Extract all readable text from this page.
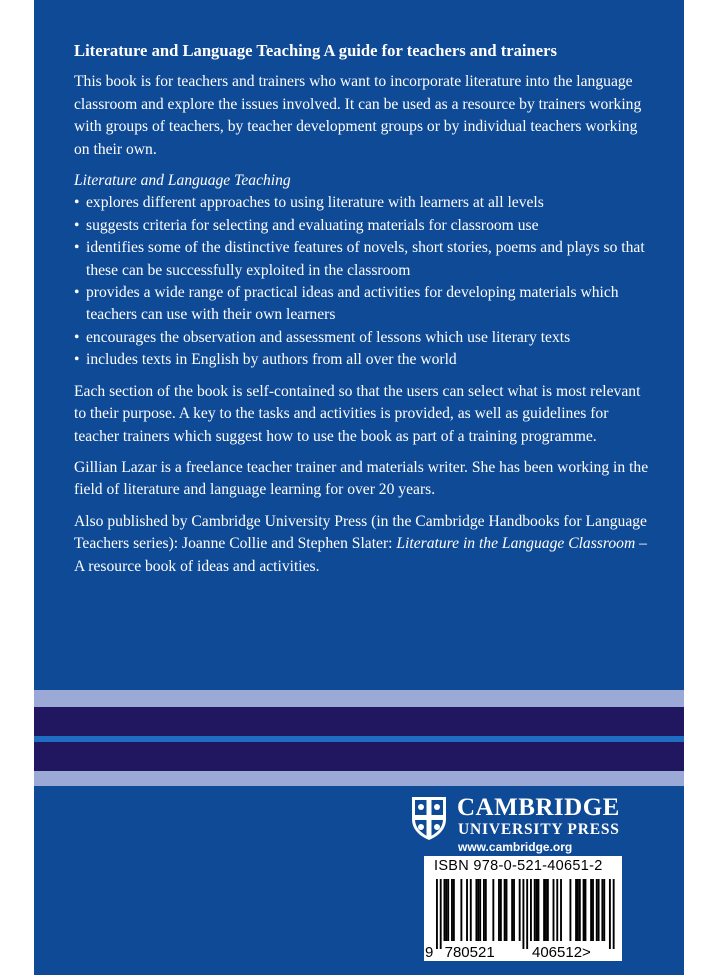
Literature and Language Teaching A guide for teachers and trainers

This book is for teachers and trainers who want to incorporate literature into the language classroom and explore the issues involved. It can be used as a resource by trainers working with groups of teachers, by teacher development groups or by individual teachers working on their own.

Literature and Language Teaching

• explores different approaches to using literature with learners at all levels
• suggests criteria for selecting and evaluating materials for classroom use
• identifies some of the distinctive features of novels, short stories, poems and plays so that these can be successfully exploited in the classroom
• provides a wide range of practical ideas and activities for developing materials which teachers can use with their own learners
• encourages the observation and assessment of lessons which use literary texts
• includes texts in English by authors from all over the world

Each section of the book is self-contained so that the users can select what is most relevant to their purpose. A key to the tasks and activities is provided, as well as guidelines for teacher trainers which suggest how to use the book as part of a training programme.

Gillian Lazar is a freelance teacher trainer and materials writer. She has been working in the field of literature and language learning for over 20 years.

Also published by Cambridge University Press (in the Cambridge Handbooks for Language Teachers series): Joanne Collie and Stephen Slater: Literature in the Language Classroom – A resource book of ideas and activities.

CAMBRIDGE
UNIVERSITY PRESS
www.cambridge.org
ISBN 978-0-521-40651-2
9 780521 406512>
